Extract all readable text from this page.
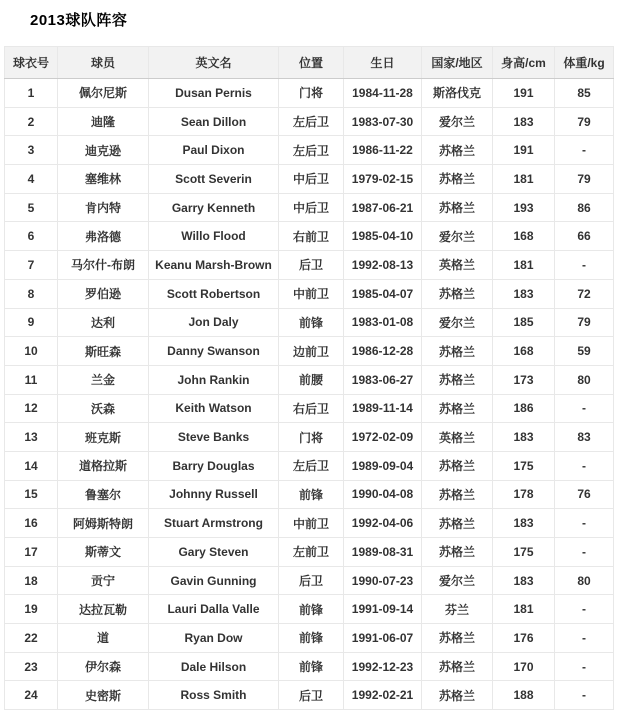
2013球队阵容
球衣号	球员	英文名	位置	生日	国家/地区	身高/cm	体重/kg
1	佩尔尼斯	Dusan Pernis	门将	1984-11-28	斯洛伐克	191	85
2	迪隆	Sean Dillon	左后卫	1983-07-30	爱尔兰	183	79
3	迪克逊	Paul Dixon	左后卫	1986-11-22	苏格兰	191	-
4	塞维林	Scott Severin	中后卫	1979-02-15	苏格兰	181	79
5	肯内特	Garry Kenneth	中后卫	1987-06-21	苏格兰	193	86
6	弗洛德	Willo Flood	右前卫	1985-04-10	爱尔兰	168	66
7	马尔什-布朗	Keanu Marsh-Brown	后卫	1992-08-13	英格兰	181	-
8	罗伯逊	Scott Robertson	中前卫	1985-04-07	苏格兰	183	72
9	达利	Jon Daly	前锋	1983-01-08	爱尔兰	185	79
10	斯旺森	Danny Swanson	边前卫	1986-12-28	苏格兰	168	59
11	兰金	John Rankin	前腰	1983-06-27	苏格兰	173	80
12	沃森	Keith Watson	右后卫	1989-11-14	苏格兰	186	-
13	班克斯	Steve Banks	门将	1972-02-09	英格兰	183	83
14	道格拉斯	Barry Douglas	左后卫	1989-09-04	苏格兰	175	-
15	鲁塞尔	Johnny Russell	前锋	1990-04-08	苏格兰	178	76
16	阿姆斯特朗	Stuart Armstrong	中前卫	1992-04-06	苏格兰	183	-
17	斯蒂文	Gary Steven	左前卫	1989-08-31	苏格兰	175	-
18	贡宁	Gavin Gunning	后卫	1990-07-23	爱尔兰	183	80
19	达拉瓦勒	Lauri Dalla Valle	前锋	1991-09-14	芬兰	181	-
22	道	Ryan Dow	前锋	1991-06-07	苏格兰	176	-
23	伊尔森	Dale Hilson	前锋	1992-12-23	苏格兰	170	-
24	史密斯	Ross Smith	后卫	1992-02-21	苏格兰	188	-
